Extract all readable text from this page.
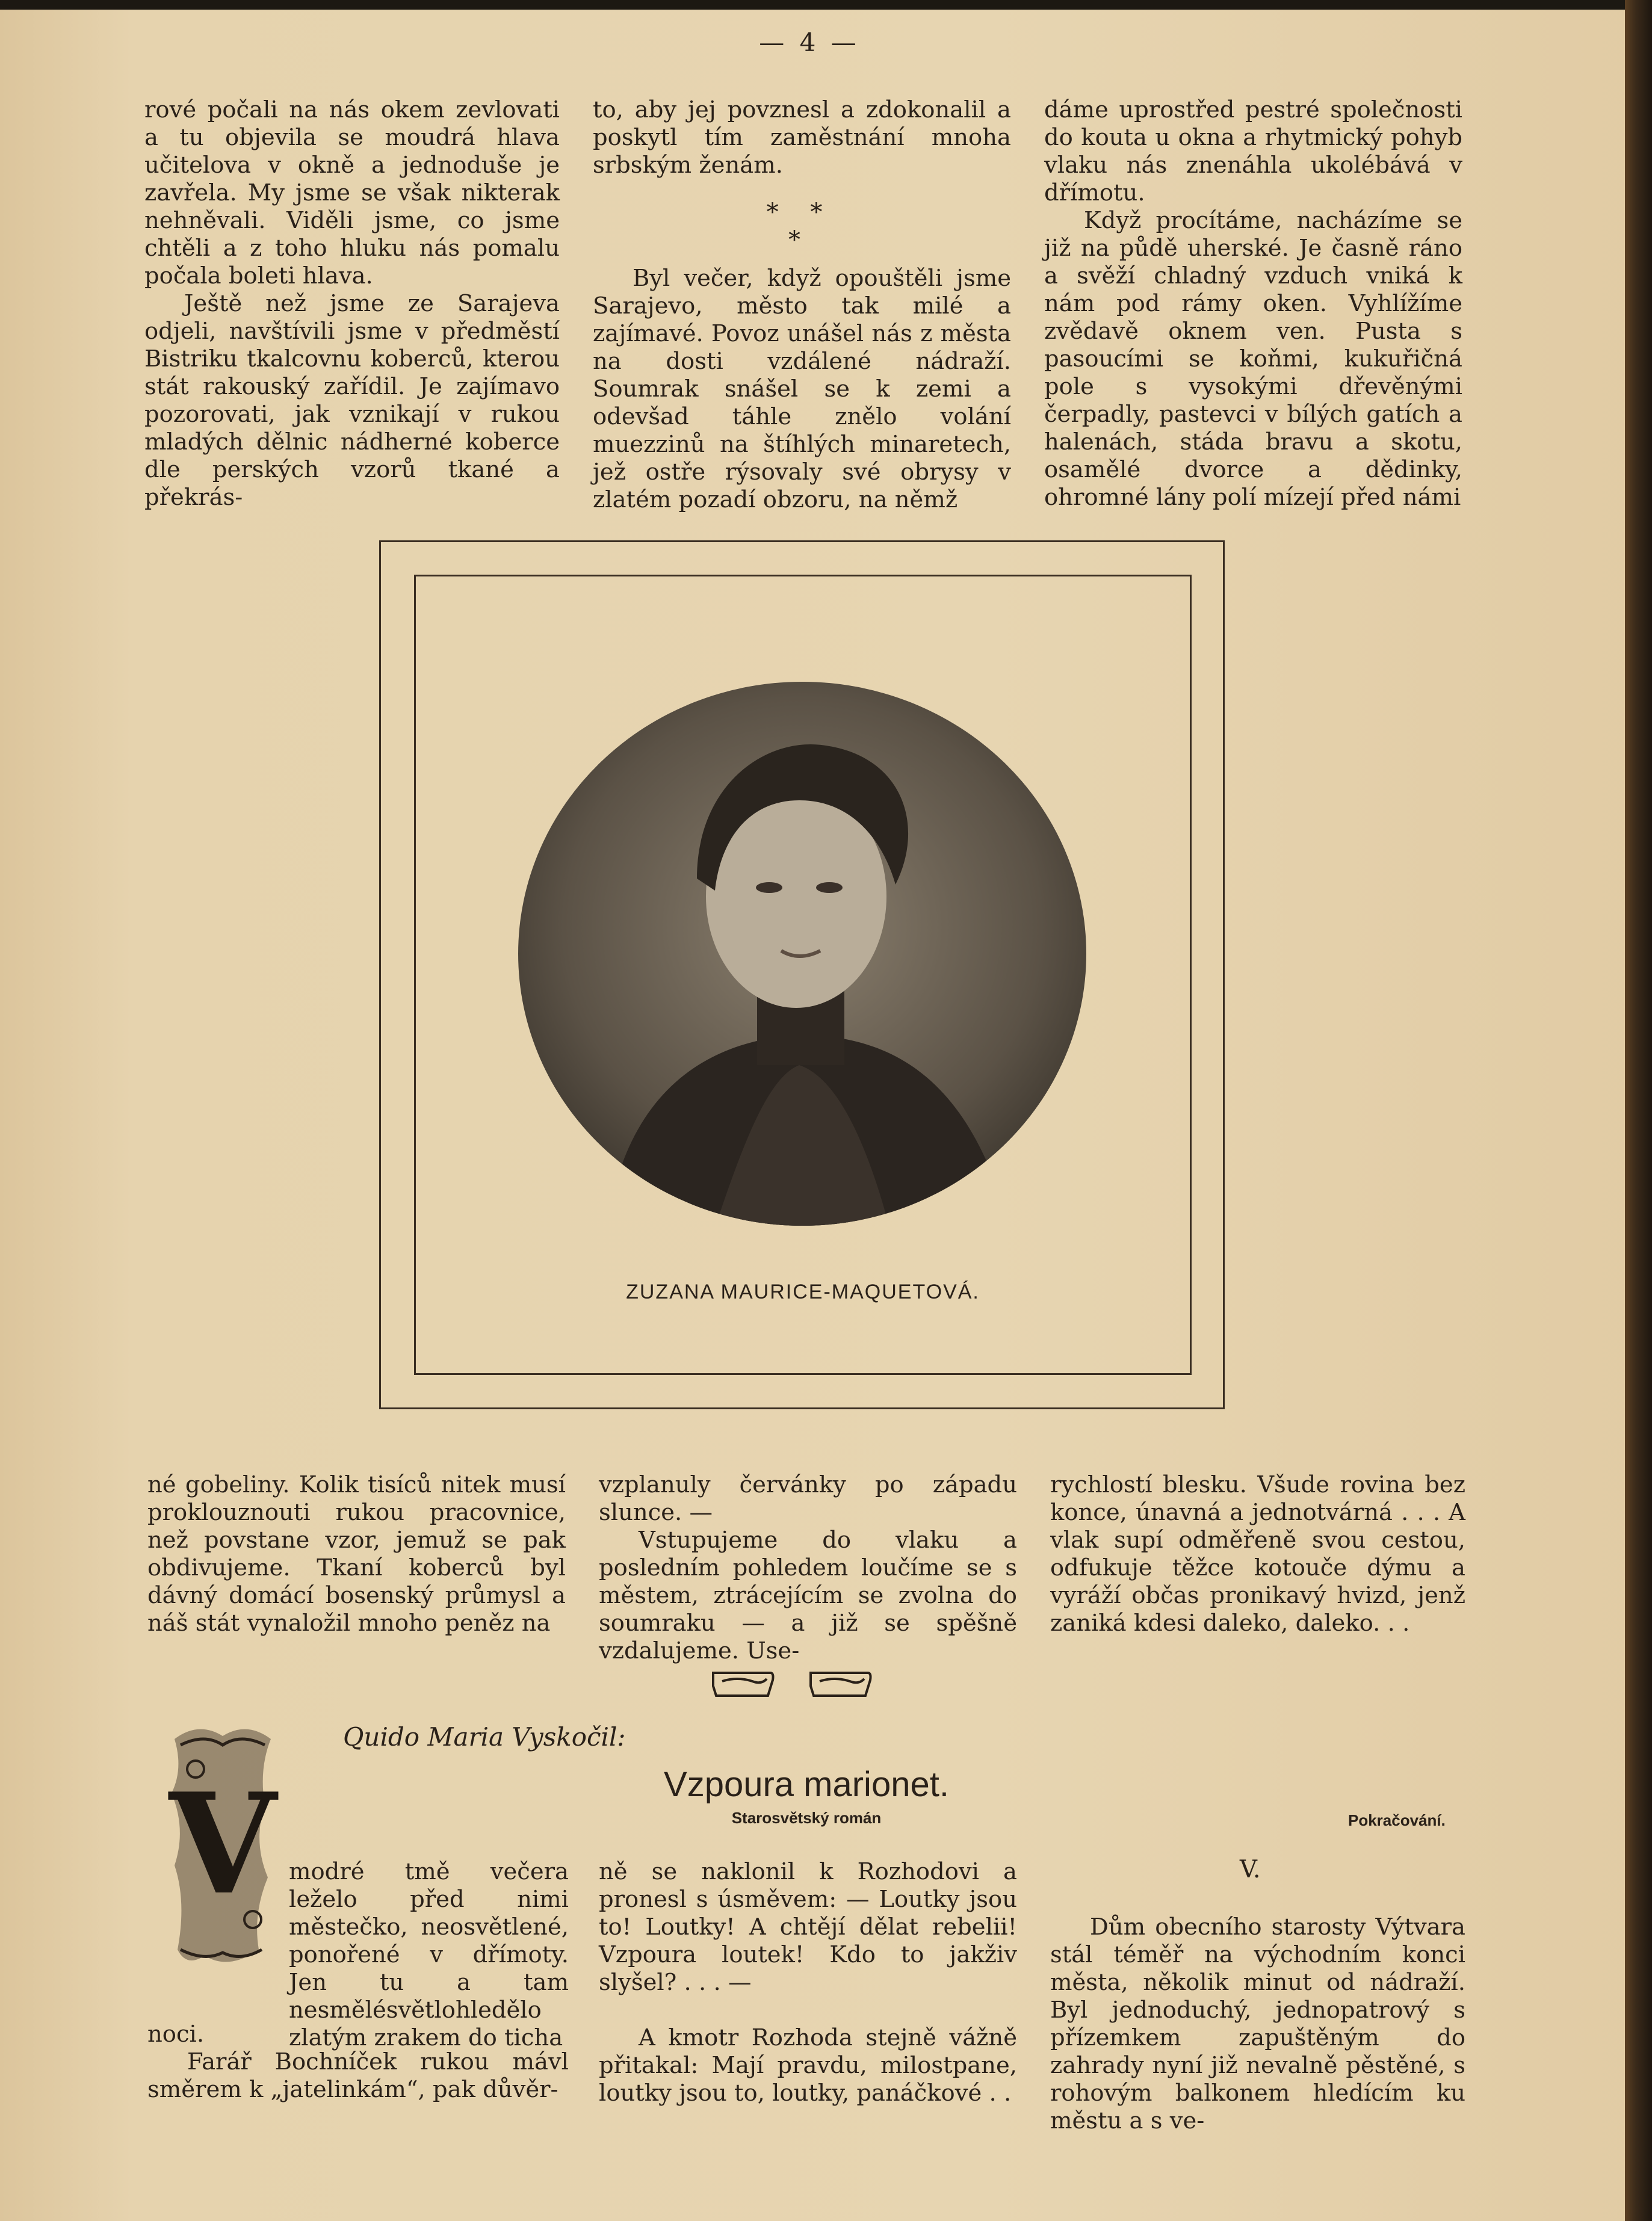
— 4 —

rové počali na nás okem zevlovati a tu objevila se moudrá hlava učitelova v okně a jednoduše je zavřela. My jsme se však nikterak nehněvali. Viděli jsme, co jsme chtěli a z toho hluku nás pomalu počala boleti hlava.

Ještě než jsme ze Sarajeva odjeli, navštívili jsme v předměstí Bistriku tkalcovnu koberců, kterou stát rakouský zařídil. Je zajímavo pozorovati, jak vznikají v rukou mladých dělnic nádherné koberce dle perských vzorů tkané a překrás-

to, aby jej povznesl a zdokonalil a poskytl tím zaměstnání mnoha srbským ženám.

Byl večer, když opouštěli jsme Sarajevo, město tak milé a zajímavé. Povoz unášel nás z města na dosti vzdálené nádraží. Soumrak snášel se k zemi a odevšad táhle znělo volání muezzinů na štíhlých minaretech, jež ostře rýsovaly své obrysy v zlatém pozadí obzoru, na němž

* * *

dáme uprostřed pestré společnosti do kouta u okna a rhytmický pohyb vlaku nás znenáhla ukolébává v dřímotu.

Když procítáme, nacházíme se již na půdě uherské. Je časně ráno a svěží chladný vzduch vniká k nám pod rámy oken. Vyhlížíme zvědavě oknem ven. Pusta s pasoucími se koňmi, kukuřičná pole s vysokými dřevěnými čerpadly, pastevci v bílých gatích a halenách, stáda bravu a skotu, osamělé dvorce a dědinky, ohromné lány polí mízejí před námi

ZUZANA MAURICE-MAQUETOVÁ.

né gobeliny. Kolik tisíců nitek musí proklouznouti rukou pracovnice, než povstane vzor, jemuž se pak obdivujeme. Tkaní koberců byl dávný domácí bosenský průmysl a náš stát vynaložil mnoho peněz na

vzplanuly červánky po západu slunce. —

Vstupujeme do vlaku a posledním pohledem loučíme se s městem, ztrácejícím se zvolna do soumraku — a již se spěšně vzdalujeme. Use-

rychlostí blesku. Všude rovina bez konce, únavná a jednotvárná . . . A vlak supí odměřeně svou cestou, odfukuje těžce kotouče dýmu a vyráží občas pronikavý hvizd, jenž zaniká kdesi daleko, daleko. . .

Quido Maria Vyskočil:
Vzpoura marionet.
Starosvětský román	Pokračování.
V modré tmě večera leželo před nimi městečko, neosvětlené, ponořené v dřímoty. Jen tu a tam nesmělésvětlohledělo zlatým zrakem do ticha

noci.

Farář Bochníček rukou mávl směrem k „jatelinkám“, pak důvěr-

ně se naklonil k Rozhodovi a pronesl s úsměvem: — Loutky jsou to! Loutky! A chtějí dělat rebelii! Vzpoura loutek! Kdo to jakživ slyšel? . . . —

A kmotr Rozhoda stejně vážně přitakal: Mají pravdu, milostpane, loutky jsou to, loutky, panáčkové . .

V.

Dům obecního starosty Výtvara stál téměř na východním konci města, několik minut od nádraží. Byl jednoduchý, jednopatrový s přízemkem zapuštěným do zahrady nyní již nevalně pěstěné, s rohovým balkonem hledícím ku městu a s ve-
